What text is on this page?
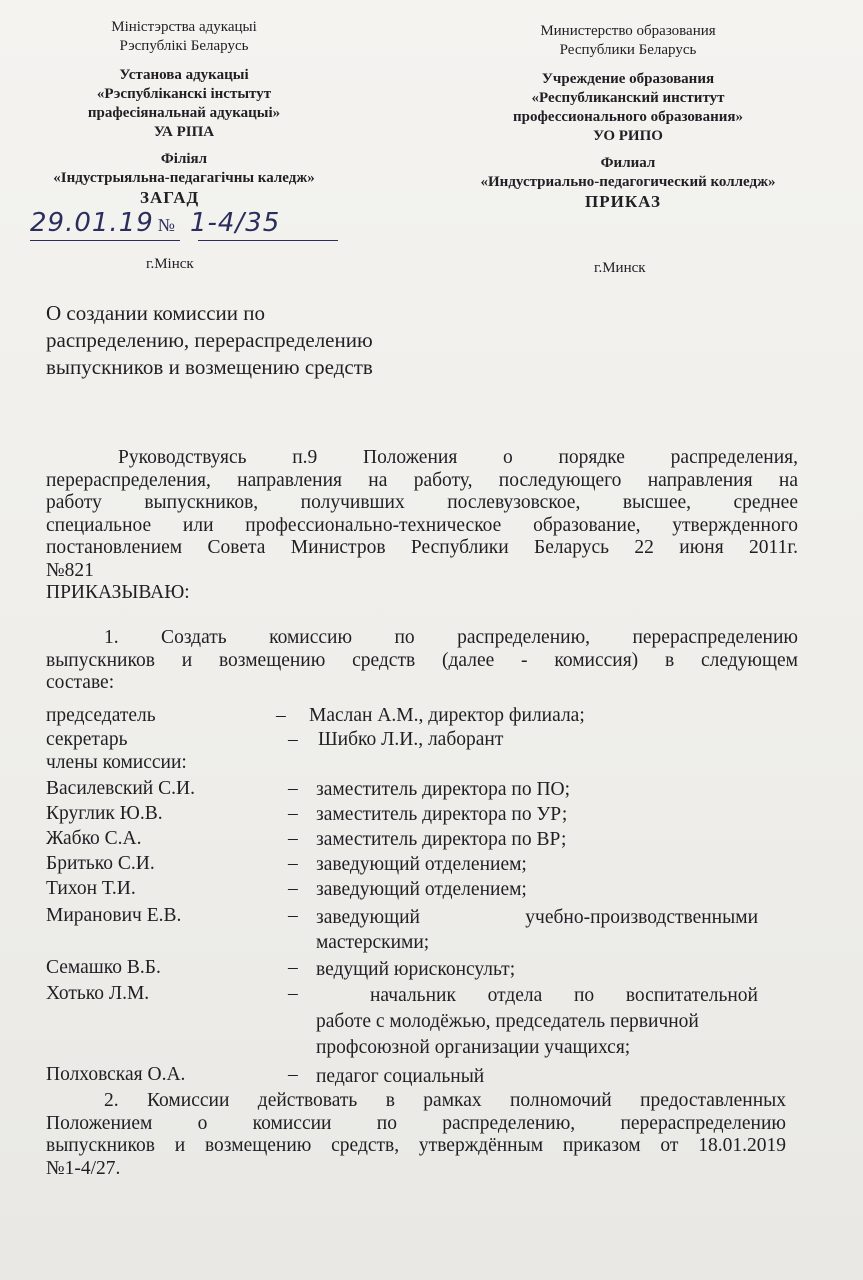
Міністэрства адукацыі
Рэспублікі Беларусь
Установа адукацыі
«Рэспубліканскі інстытут
прафесіянальнай адукацыі»
УА РІПА
Філіял
«Індустрыяльна-педагагічны каледж»
ЗАГАД
г.Мінск
Министерство образования
Республики Беларусь
Учреждение образования
«Республиканский институт
профессионального образования»
УО РИПО
Филиал
«Индустриально-педагогический колледж»
ПРИКАЗ
г.Минск
29.01.19 № 1-4/35
О создании комиссии по
распределению, перераспределению
выпускников и возмещению средств
Руководствуясь п.9 Положения о порядке распределения,
перераспределения, направления на работу, последующего направления на
работу выпускников, получивших послевузовское, высшее, среднее
специальное или профессионально-техническое образование, утвержденного
постановлением Совета Министров Республики Беларусь 22 июня 2011г.
№821
ПРИКАЗЫВАЮ:
1. Создать комиссию по распределению, перераспределению
выпускников и возмещению средств (далее - комиссия) в следующем
составе:
председатель	– Маслан А.М., директор филиала;
секретарь	– Шибко Л.И., лаборант
члены комиссии:
Василевский С.И.	– заместитель директора по ПО;
Круглик Ю.В.	– заместитель директора по УР;
Жабко С.А.	– заместитель директора по ВР;
Бритько С.И.	– заведующий отделением;
Тихон Т.И.	– заведующий отделением;
Миранович Е.В.	– заведующий учебно-производственными
мастерскими;
Семашко В.Б.	– ведущий юрисконсульт;
Хотько Л.М.	–	начальник отдела по воспитательной
работе с молодёжью, председатель первичной
профсоюзной организации учащихся;
Полховская О.А.	– педагог социальный
2. Комиссии действовать в рамках полномочий предоставленных
Положением о комиссии по распределению, перераспределению
выпускников и возмещению средств, утверждённым приказом от 18.01.2019
№1-4/27.
